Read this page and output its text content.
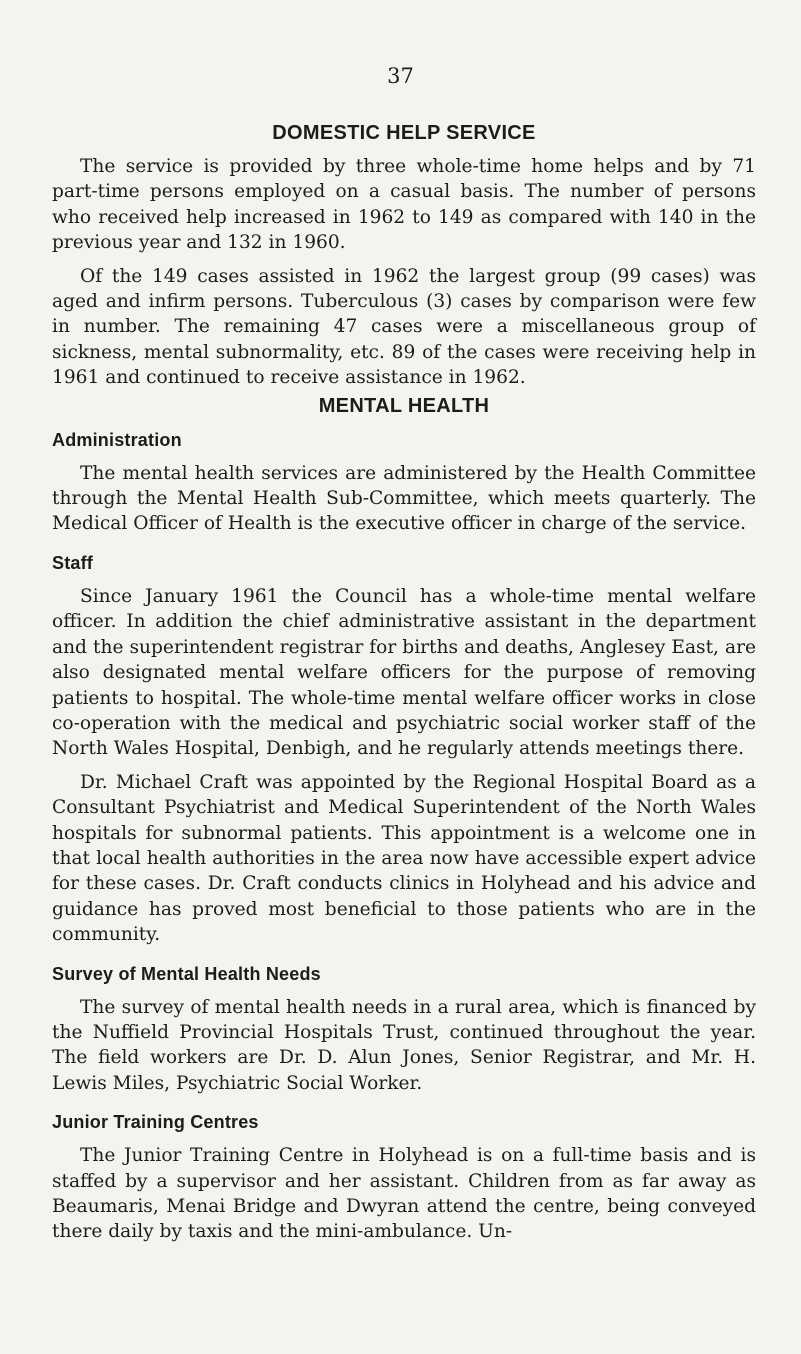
37
DOMESTIC HELP SERVICE

The service is provided by three whole-time home helps and by 71 part-time persons employed on a casual basis. The number of persons who received help increased in 1962 to 149 as compared with 140 in the previous year and 132 in 1960.

Of the 149 cases assisted in 1962 the largest group (99 cases) was aged and infirm persons. Tuberculous (3) cases by comparison were few in number. The remaining 47 cases were a miscellaneous group of sickness, mental subnormality, etc. 89 of the cases were receiving help in 1961 and continued to receive assistance in 1962.

MENTAL HEALTH
Administration

The mental health services are administered by the Health Committee through the Mental Health Sub-Committee, which meets quarterly. The Medical Officer of Health is the executive officer in charge of the service.

Staff

Since January 1961 the Council has a whole-time mental welfare officer. In addition the chief administrative assistant in the department and the superintendent registrar for births and deaths, Anglesey East, are also designated mental welfare officers for the purpose of removing patients to hospital. The whole-time mental welfare officer works in close co-operation with the medical and psychiatric social worker staff of the North Wales Hospital, Denbigh, and he regularly attends meetings there.

Dr. Michael Craft was appointed by the Regional Hospital Board as a Consultant Psychiatrist and Medical Superintendent of the North Wales hospitals for subnormal patients. This appointment is a welcome one in that local health authorities in the area now have accessible expert advice for these cases. Dr. Craft conducts clinics in Holyhead and his advice and guidance has proved most beneficial to those patients who are in the community.

Survey of Mental Health Needs

The survey of mental health needs in a rural area, which is financed by the Nuffield Provincial Hospitals Trust, continued throughout the year. The field workers are Dr. D. Alun Jones, Senior Registrar, and Mr. H. Lewis Miles, Psychiatric Social Worker.

Junior Training Centres

The Junior Training Centre in Holyhead is on a full-time basis and is staffed by a supervisor and her assistant. Children from as far away as Beaumaris, Menai Bridge and Dwyran attend the centre, being conveyed there daily by taxis and the mini-ambulance. Un-
